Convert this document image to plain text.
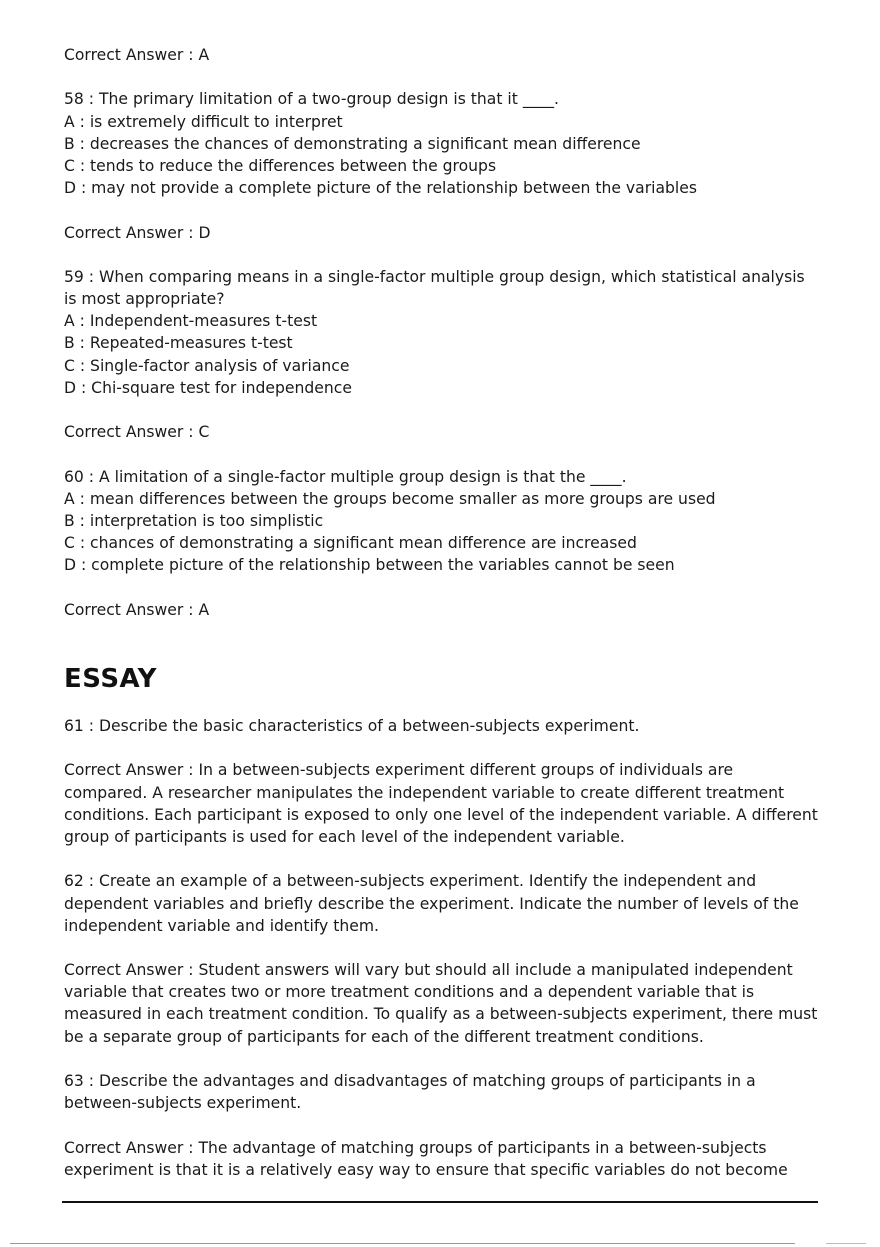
Correct Answer : A
58 : The primary limitation of a two-group design is that it ____.
A : is extremely difficult to interpret
B : decreases the chances of demonstrating a significant mean difference
C : tends to reduce the differences between the groups
D : may not provide a complete picture of the relationship between the variables
Correct Answer : D
59 : When comparing means in a single-factor multiple group design, which statistical analysis
is most appropriate?
A : Independent-measures t-test
B : Repeated-measures t-test
C : Single-factor analysis of variance
D : Chi-square test for independence
Correct Answer : C
60 : A limitation of a single-factor multiple group design is that the ____.
A : mean differences between the groups become smaller as more groups are used
B : interpretation is too simplistic
C : chances of demonstrating a significant mean difference are increased
D : complete picture of the relationship between the variables cannot be seen
Correct Answer : A
ESSAY
61 : Describe the basic characteristics of a between-subjects experiment.
Correct Answer : In a between-subjects experiment different groups of individuals are
compared. A researcher manipulates the independent variable to create different treatment
conditions. Each participant is exposed to only one level of the independent variable. A different
group of participants is used for each level of the independent variable.
62 : Create an example of a between-subjects experiment. Identify the independent and
dependent variables and briefly describe the experiment. Indicate the number of levels of the
independent variable and identify them.
Correct Answer : Student answers will vary but should all include a manipulated independent
variable that creates two or more treatment conditions and a dependent variable that is
measured in each treatment condition. To qualify as a between-subjects experiment, there must
be a separate group of participants for each of the different treatment conditions.
63 : Describe the advantages and disadvantages of matching groups of participants in a
between-subjects experiment.
Correct Answer : The advantage of matching groups of participants in a between-subjects
experiment is that it is a relatively easy way to ensure that specific variables do not become
